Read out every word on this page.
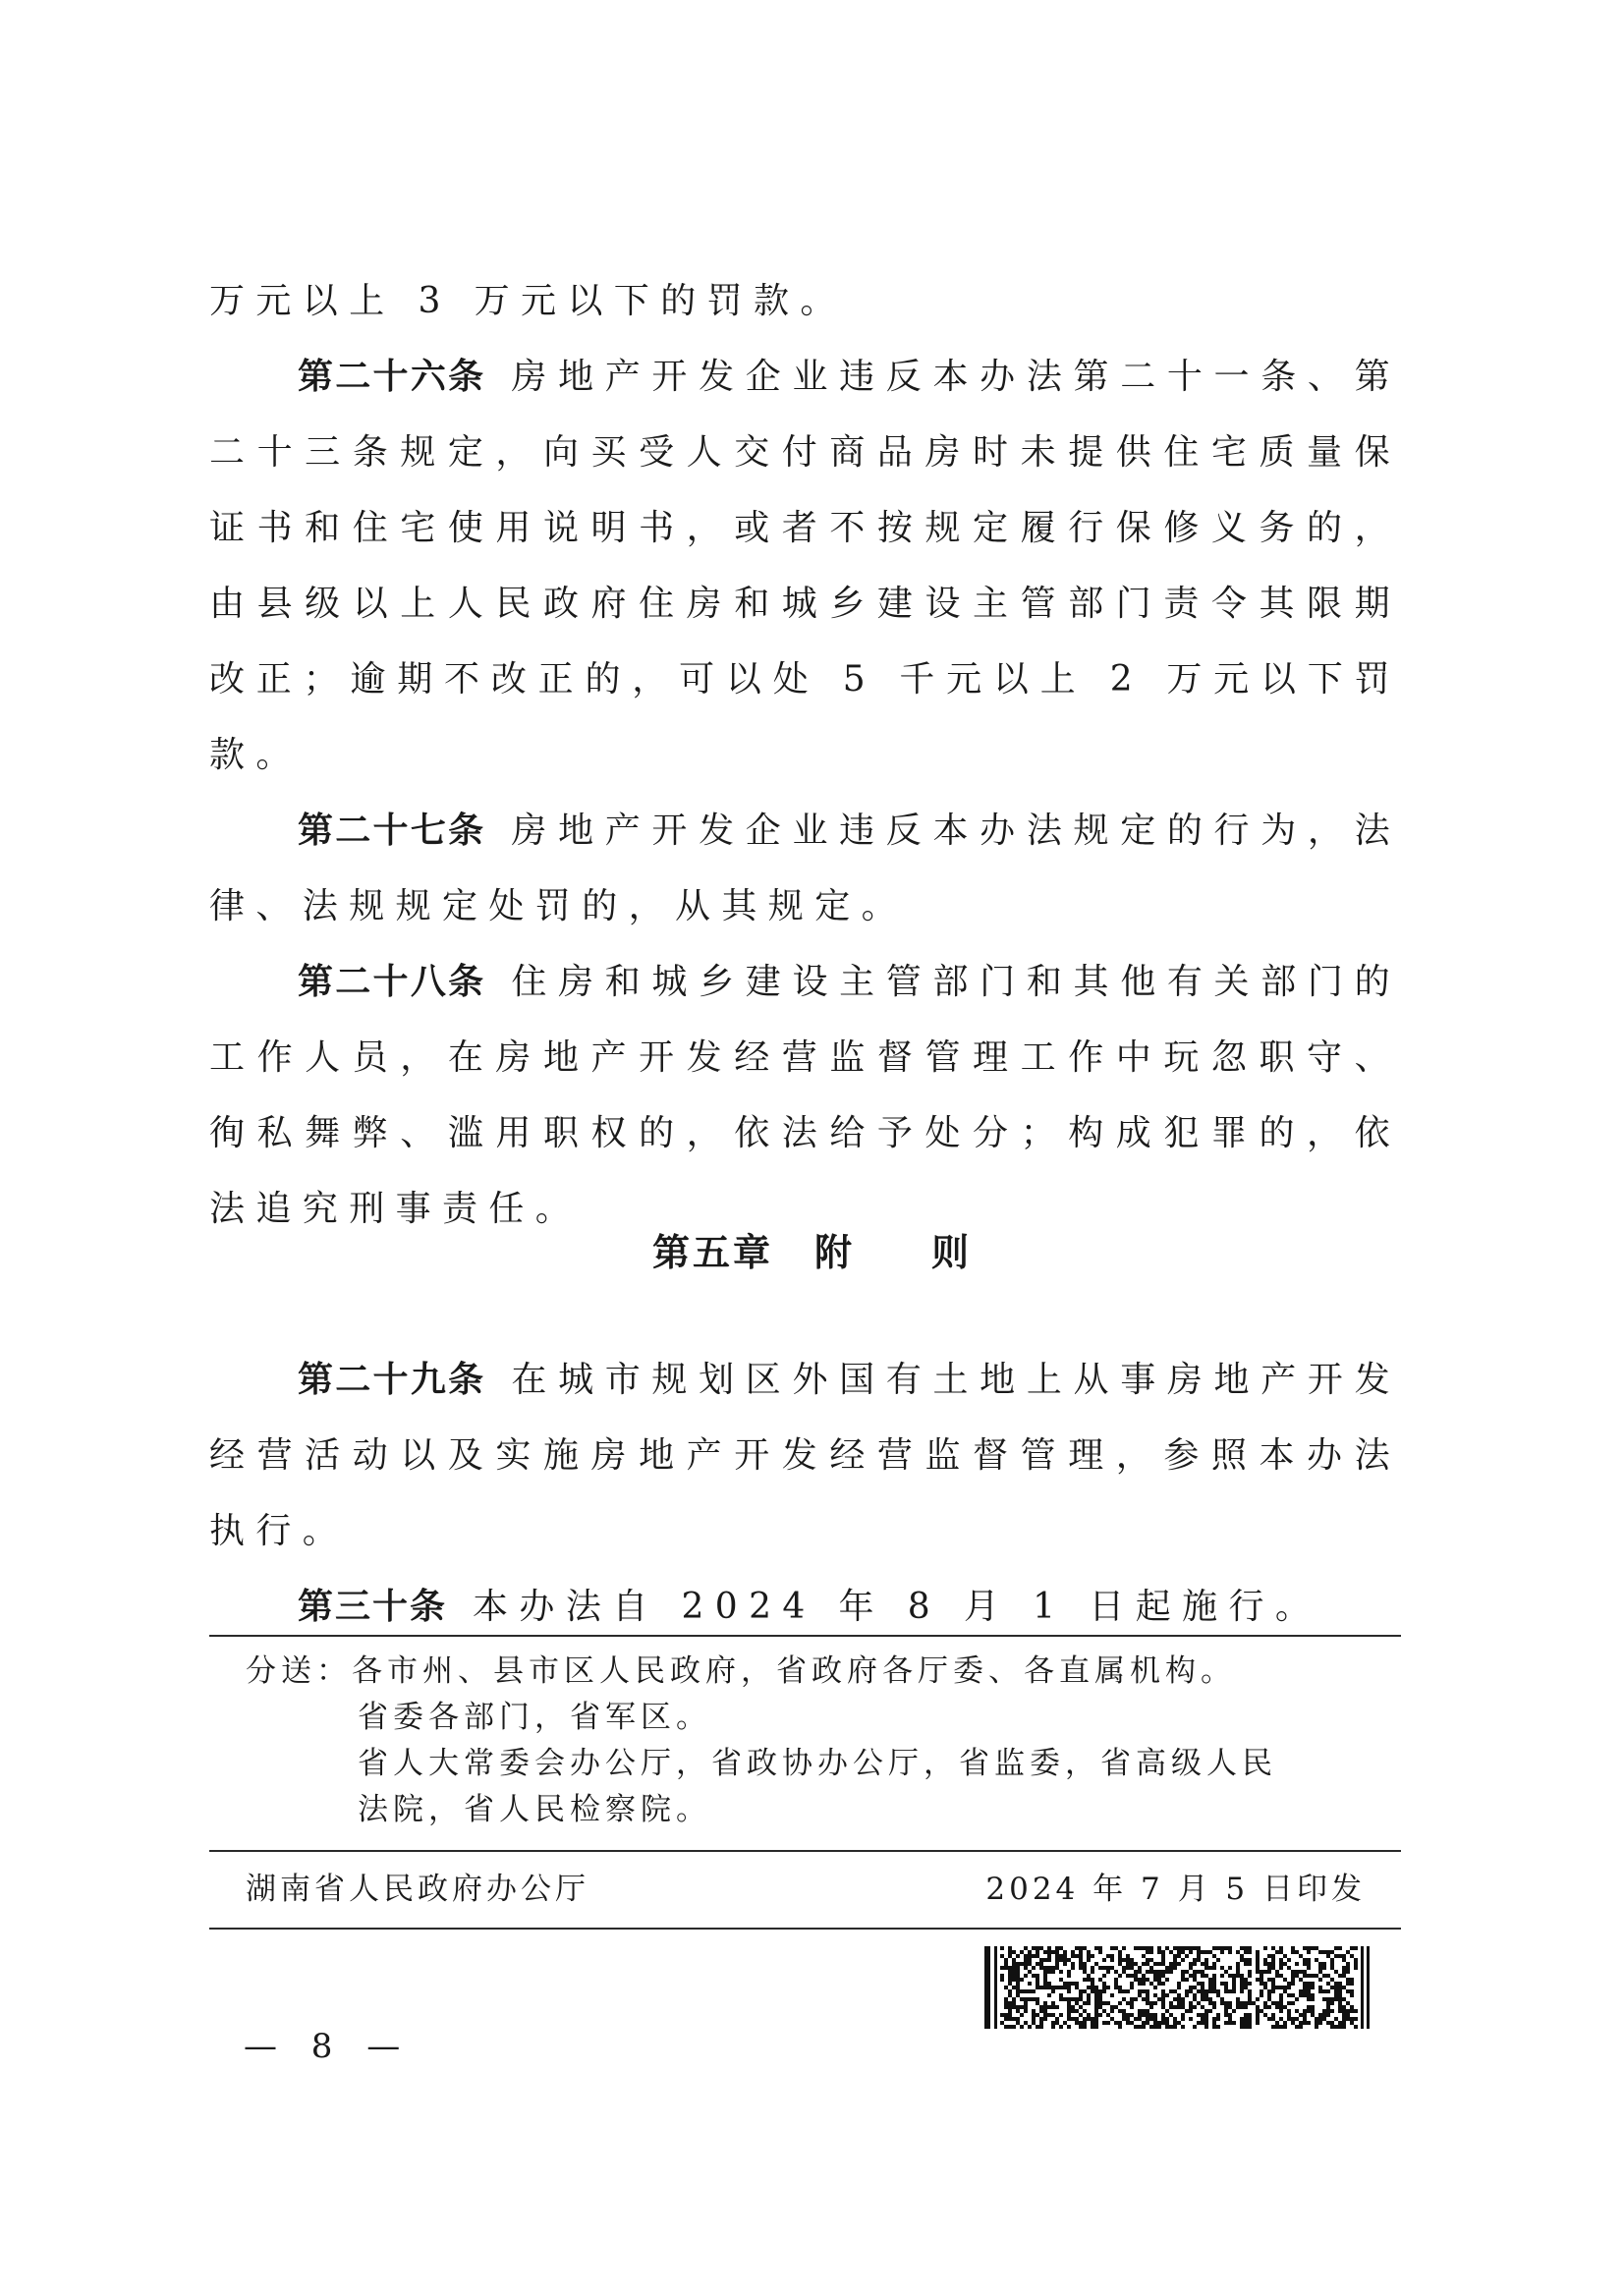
万元以上 3 万元以下的罚款。

第二十六条 房地产开发企业违反本办法第二十一条、第二十三条规定，向买受人交付商品房时未提供住宅质量保证书和住宅使用说明书，或者不按规定履行保修义务的，由县级以上人民政府住房和城乡建设主管部门责令其限期改正；逾期不改正的，可以处 5 千元以上 2 万元以下罚款。

第二十七条 房地产开发企业违反本办法规定的行为，法律、法规规定处罚的，从其规定。

第二十八条 住房和城乡建设主管部门和其他有关部门的工作人员，在房地产开发经营监督管理工作中玩忽职守、徇私舞弊、滥用职权的，依法给予处分；构成犯罪的，依法追究刑事责任。

第五章 附 则

第二十九条 在城市规划区外国有土地上从事房地产开发经营活动以及实施房地产开发经营监督管理，参照本办法执行。

第三十条 本办法自 2024 年 8 月 1 日起施行。

分送：各市州、县市区人民政府，省政府各厅委、各直属机构。
省委各部门，省军区。
省人大常委会办公厅，省政协办公厅，省监委，省高级人民
法院，省人民检察院。
湖南省人民政府办公厅	2024 年 7 月 5 日印发
— 8 —
